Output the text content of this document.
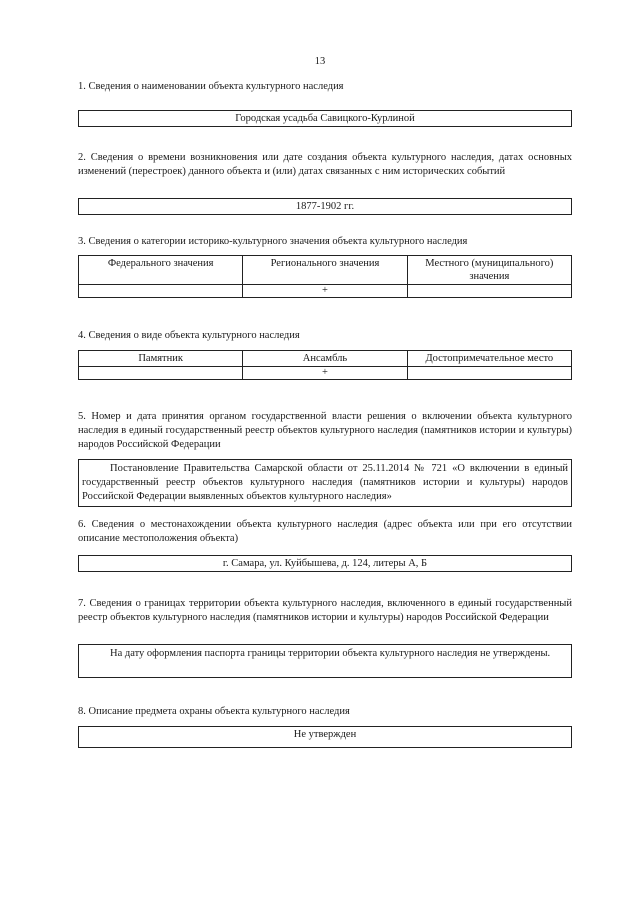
13
1. Сведения о наименовании объекта культурного наследия
Городская усадьба Савицкого-Курлиной
2. Сведения о времени возникновения или дате создания объекта культурного наследия, датах основных изменений (перестроек) данного объекта и (или) датах связанных с ним исторических событий
1877-1902 гг.
3. Сведения о категории историко-культурного значения объекта культурного наследия
Федерального значения	Регионального значения	Местного (муниципального) значения
	+	
4. Сведения о виде объекта культурного наследия
Памятник	Ансамбль	Достопримечательное место
	+	
5. Номер и дата принятия органом государственной власти решения о включении объекта культурного наследия в единый государственный реестр объектов культурного наследия (памятников истории и культуры) народов Российской Федерации
Постановление Правительства Самарской области от 25.11.2014 № 721 «О включении в единый государственный реестр объектов культурного наследия (памятников истории и культуры) народов Российской Федерации выявленных объектов культурного наследия»
6. Сведения о местонахождении объекта культурного наследия (адрес объекта или при его отсутствии описание местоположения объекта)
г. Самара, ул. Куйбышева, д. 124, литеры А, Б
7. Сведения о границах территории объекта культурного наследия, включенного в единый государственный реестр объектов культурного наследия (памятников истории и культуры) народов Российской Федерации
На дату оформления паспорта границы территории объекта культурного наследия не утверждены.
8. Описание предмета охраны объекта культурного наследия
Не утвержден
